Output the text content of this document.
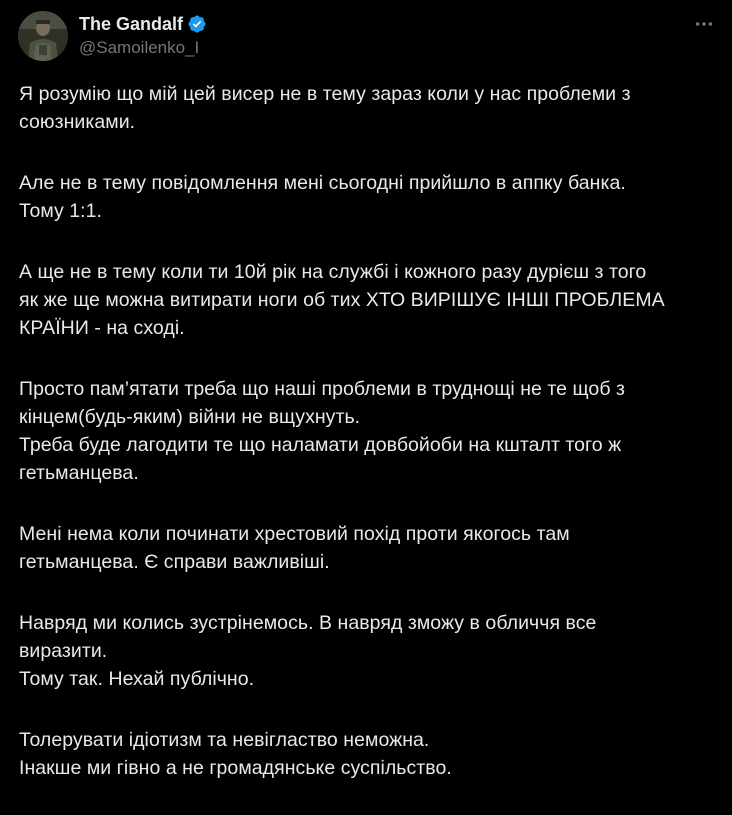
The Gandalf
@Samoilenko_I

Я розумію що мій цей висер не в тему зараз коли у нас проблеми з
союзниками.

Але не в тему повідомлення мені сьогодні прийшло в аппку банка.
Тому 1:1.

А ще не в тему коли ти 10й рік на службі і кожного разу дурієш з того
як же ще можна витирати ноги об тих ХТО ВИРІШУЄ ІНШІ ПРОБЛЕМА
КРАЇНИ - на сході.

Просто пам’ятати треба що наші проблеми в труднощі не те щоб з
кінцем(будь-яким) війни не вщухнуть.
Треба буде лагодити те що наламати довбойоби на кшталт того ж
гетьманцева.

Мені нема коли починати хрестовий похід проти якогось там
гетьманцева. Є справи важливіші.

Навряд ми колись зустрінемось. В навряд зможу в обличчя все
виразити.
Тому так. Нехай публічно.

Толерувати ідіотизм та невігластво неможна.
Інакше ми гівно а не громадянське суспільство.
